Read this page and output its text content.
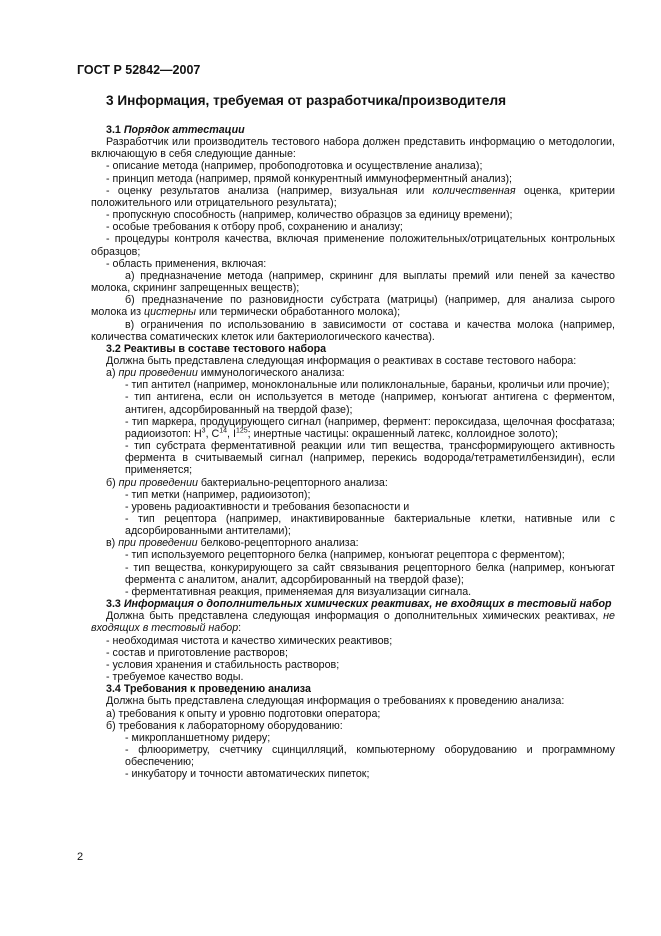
ГОСТ Р 52842—2007
3 Информация, требуемая от разработчика/производителя

3.1 Порядок аттестации

Разработчик или производитель тестового набора должен представить информацию о методологии, включающую в себя следующие данные:

- описание метода (например, пробоподготовка и осуществление анализа);

- принцип метода (например, прямой конкурентный иммуноферментный анализ);

- оценку результатов анализа (например, визуальная или количественная оценка, критерии положительного или отрицательного результата);

- пропускную способность (например, количество образцов за единицу времени);

- особые требования к отбору проб, сохранению и анализу;

- процедуры контроля качества, включая применение положительных/отрицательных контрольных образцов;

- область применения, включая:

а) предназначение метода (например, скрининг для выплаты премий или пеней за качество молока, скрининг запрещенных веществ);

б) предназначение по разновидности субстрата (матрицы) (например, для анализа сырого молока из цистерны или термически обработанного молока);

в) ограничения по использованию в зависимости от состава и качества молока (например, количества соматических клеток или бактериологического качества).

3.2 Реактивы в составе тестового набора

Должна быть представлена следующая информация о реактивах в составе тестового набора:

а) при проведении иммунологического анализа:

- тип антител (например, моноклональные или поликлональные, бараньи, кроличьи или прочие);

- тип антигена, если он используется в методе (например, конъюгат антигена с ферментом, антиген, адсорбированный на твердой фазе);

- тип маркера, продуцирующего сигнал (например, фермент: пероксидаза, щелочная фосфатаза; радиоизотоп: $H^3$, $C^{14}$, $I^{125}$; инертные частицы: окрашенный латекс, коллоидное золото);

- тип субстрата ферментативной реакции или тип вещества, трансформирующего активность фермента в считываемый сигнал (например, перекись водорода/тетраметилбензидин), если применяется;

б) при проведении бактериально-рецепторного анализа:

- тип метки (например, радиоизотоп);

- уровень радиоактивности и требования безопасности и

- тип рецептора (например, инактивированные бактериальные клетки, нативные или с адсорбированными антителами);

в) при проведении белково-рецепторного анализа:

- тип используемого рецепторного белка (например, конъюгат рецептора с ферментом);

- тип вещества, конкурирующего за сайт связывания рецепторного белка (например, конъюгат фермента с аналитом, аналит, адсорбированный на твердой фазе);

- ферментативная реакция, применяемая для визуализации сигнала.

3.3 Информация о дополнительных химических реактивах, не входящих в тестовый набор

Должна быть представлена следующая информация о дополнительных химических реактивах, не входящих в тестовый набор:

- необходимая чистота и качество химических реактивов;

- состав и приготовление растворов;

- условия хранения и стабильность растворов;

- требуемое качество воды.

3.4 Требования к проведению анализа

Должна быть представлена следующая информация о требованиях к проведению анализа:

а) требования к опыту и уровню подготовки оператора;

б) требования к лабораторному оборудованию:

- микропланшетному ридеру;

- флюориметру, счетчику сцинцилляций, компьютерному оборудованию и программному обеспечению;

- инкубатору и точности автоматических пипеток;

2
